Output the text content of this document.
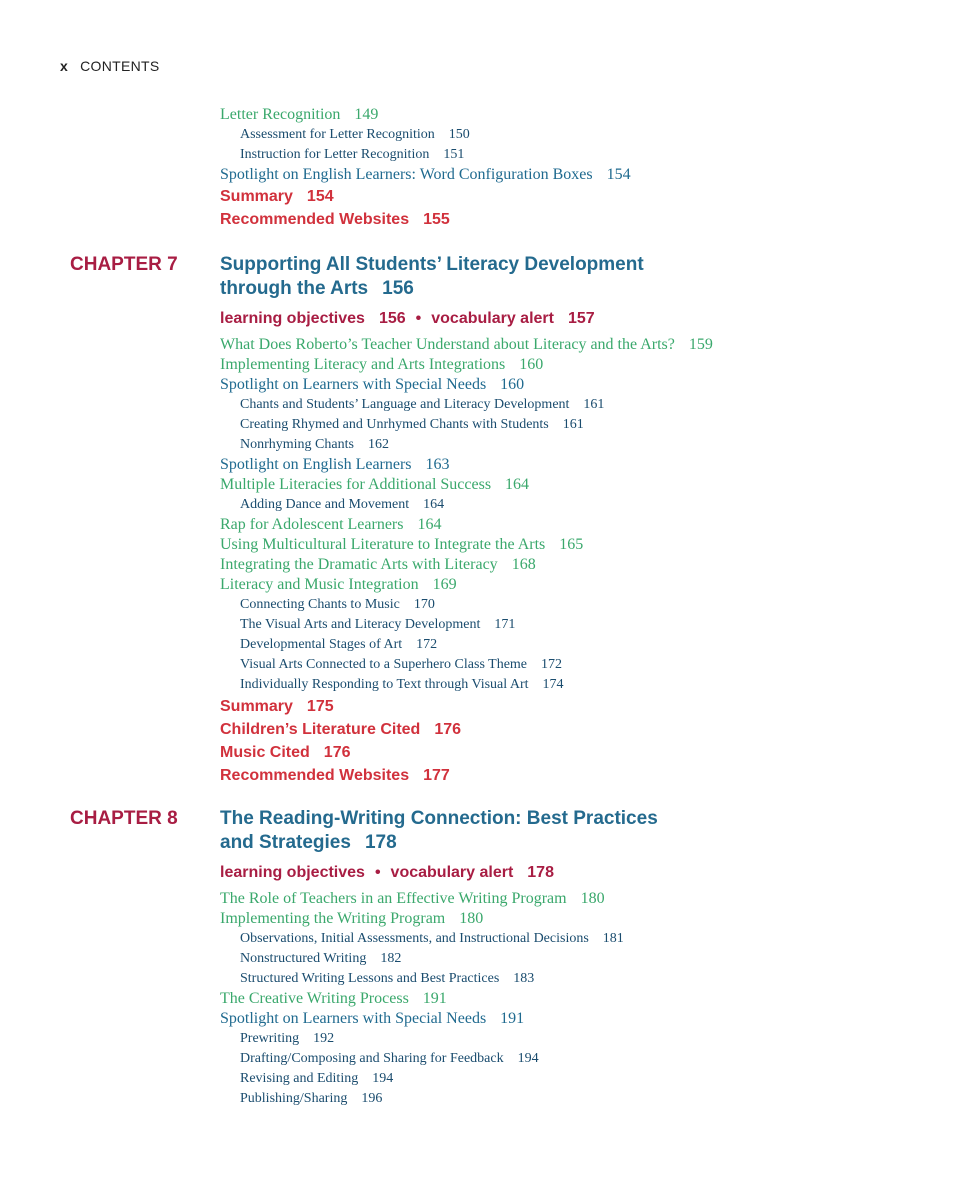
x CONTENTS
Letter Recognition 149
Assessment for Letter Recognition 150
Instruction for Letter Recognition 151
Spotlight on English Learners: Word Configuration Boxes 154
Summary 154
Recommended Websites 155
CHAPTER 7 Supporting All Students’ Literacy Development
through the Arts 156
learning objectives 156 • vocabulary alert 157
What Does Roberto’s Teacher Understand about Literacy and the Arts? 159
Implementing Literacy and Arts Integrations 160
Spotlight on Learners with Special Needs 160
Chants and Students’ Language and Literacy Development 161
Creating Rhymed and Unrhymed Chants with Students 161
Nonrhyming Chants 162
Spotlight on English Learners 163
Multiple Literacies for Additional Success 164
Adding Dance and Movement 164
Rap for Adolescent Learners 164
Using Multicultural Literature to Integrate the Arts 165
Integrating the Dramatic Arts with Literacy 168
Literacy and Music Integration 169
Connecting Chants to Music 170
The Visual Arts and Literacy Development 171
Developmental Stages of Art 172
Visual Arts Connected to a Superhero Class Theme 172
Individually Responding to Text through Visual Art 174
Summary 175
Children’s Literature Cited 176
Music Cited 176
Recommended Websites 177
CHAPTER 8 The Reading-Writing Connection: Best Practices
and Strategies 178
learning objectives • vocabulary alert 178
The Role of Teachers in an Effective Writing Program 180
Implementing the Writing Program 180
Observations, Initial Assessments, and Instructional Decisions 181
Nonstructured Writing 182
Structured Writing Lessons and Best Practices 183
The Creative Writing Process 191
Spotlight on Learners with Special Needs 191
Prewriting 192
Drafting/Composing and Sharing for Feedback 194
Revising and Editing 194
Publishing/Sharing 196
